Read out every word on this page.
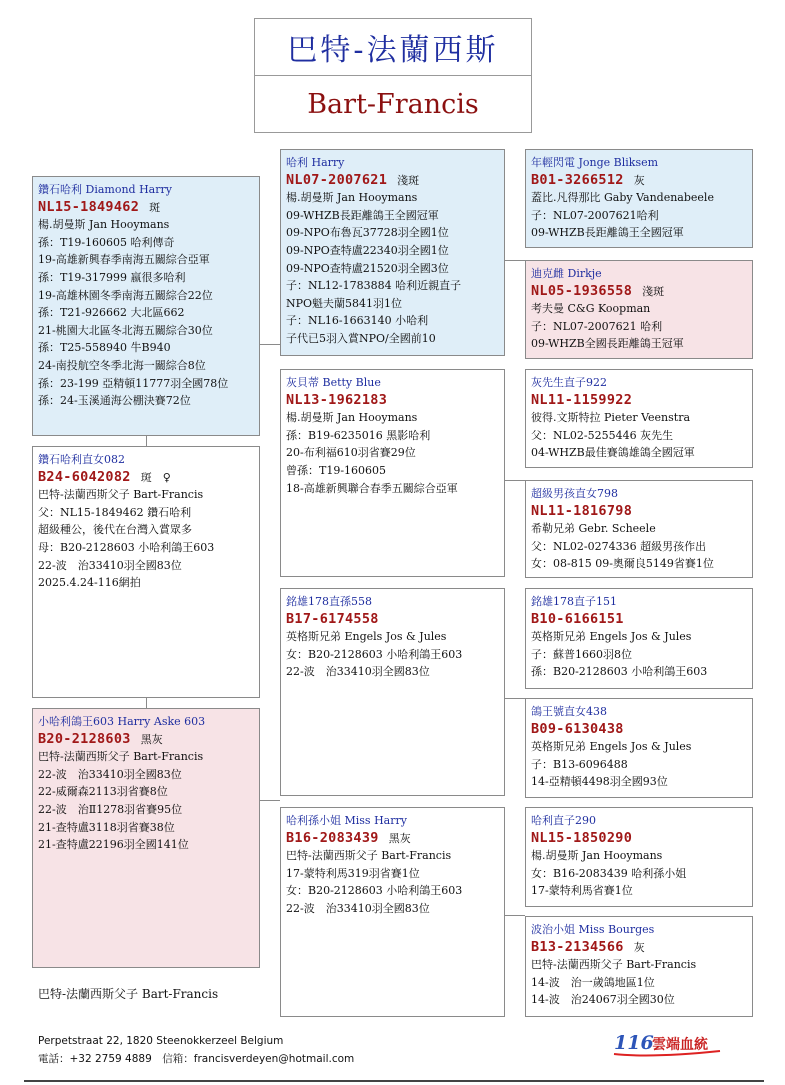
巴特-法蘭西斯
Bart-Francis
鑽石哈利 Diamond Harry
NL15-1849462 斑
楊.胡曼斯 Jan Hooymans
孫：T19-160605 哈利傳奇
19-高雄新興春季南海五關綜合亞軍
孫：T19-317999 嬴很多哈利
19-高雄林園冬季南海五關綜合22位
孫：T21-926662 大北區662
21-桃園大北區冬北海五關綜合30位
孫：T25-558940 牛B940
24-南投航空冬季北海一關綜合8位
孫：23-199 亞精頓11777羽全國78位
孫：24-玉溪通海公棚決賽72位
鑽石哈利直女082
B24-6042082 斑　♀
巴特-法蘭西斯父子 Bart-Francis
父：NL15-1849462 鑽石哈利
超級種公，後代在台灣入賞眾多
母：B20-2128603 小哈利鴿王603
22-波　治33410羽全國83位
2025.4.24-116網拍
小哈利鴿王603 Harry Aske 603
B20-2128603 黑灰
巴特-法蘭西斯父子 Bart-Francis
22-波　治33410羽全國83位
22-威爾森2113羽省賽8位
22-波　治Ⅱ1278羽省賽95位
21-查特盧3118羽省賽38位
21-查特盧22196羽全國141位
哈利 Harry
NL07-2007621 淺斑
楊.胡曼斯 Jan Hooymans
09-WHZB長距離鴿王全國冠軍
09-NPO布魯瓦37728羽全國1位
09-NPO查特盧22340羽全國1位
09-NPO查特盧21520羽全國3位
子：NL12-1783884 哈利近親直子
NPO魁夫蘭5841羽1位
子：NL16-1663140 小哈利
子代已5羽入賞NPO/全國前10
灰貝蒂 Betty Blue
NL13-1962183
楊.胡曼斯 Jan Hooymans
孫：B19-6235016 黑影哈利
20-布利福610羽省賽29位
曾孫：T19-160605
18-高雄新興聯合春季五關綜合亞軍
銘雄178直孫558
B17-6174558
英格斯兄弟 Engels Jos & Jules
女：B20-2128603 小哈利鴿王603
22-波　治33410羽全國83位
哈利孫小姐 Miss Harry
B16-2083439 黑灰
巴特-法蘭西斯父子 Bart-Francis
17-蒙特利馬319羽省賽1位
女：B20-2128603 小哈利鴿王603
22-波　治33410羽全國83位
年輕閃電 Jonge Bliksem
B01-3266512 灰
蓋比.凡得那比 Gaby Vandenabeele
子：NL07-2007621哈利
09-WHZB長距離鴿王全國冠軍
迪克雌 Dirkje
NL05-1936558 淺斑
考夫曼 C&G Koopman
子：NL07-2007621 哈利
09-WHZB全國長距離鴿王冠軍
灰先生直子922
NL11-1159922
彼得.文斯特拉 Pieter Veenstra
父：NL02-5255446 灰先生
04-WHZB最佳賽鴿雄鴿全國冠軍
超級男孩直女798
NL11-1816798
希勒兄弟 Gebr. Scheele
父：NL02-0274336 超級男孩作出
女：08-815 09-奧爾良5149省賽1位
銘雄178直子151
B10-6166151
英格斯兄弟 Engels Jos & Jules
子：蘇普1660羽8位
孫：B20-2128603 小哈利鴿王603
鴿王號直女438
B09-6130438
英格斯兄弟 Engels Jos & Jules
子：B13-6096488
14-亞精頓4498羽全國93位
哈利直子290
NL15-1850290
楊.胡曼斯 Jan Hooymans
女：B16-2083439 哈利孫小姐
17-蒙特利馬省賽1位
波治小姐 Miss Bourges
B13-2134566 灰
巴特-法蘭西斯父子 Bart-Francis
14-波　治一歲鴿地區1位
14-波　治24067羽全國30位
巴特-法蘭西斯父子 Bart-Francis
Perpetstraat 22, 1820 Steenokkerzeel Belgium
電話：+32 2759 4889　信箱：francisverdeyen@hotmail.com
116
雲端血統
